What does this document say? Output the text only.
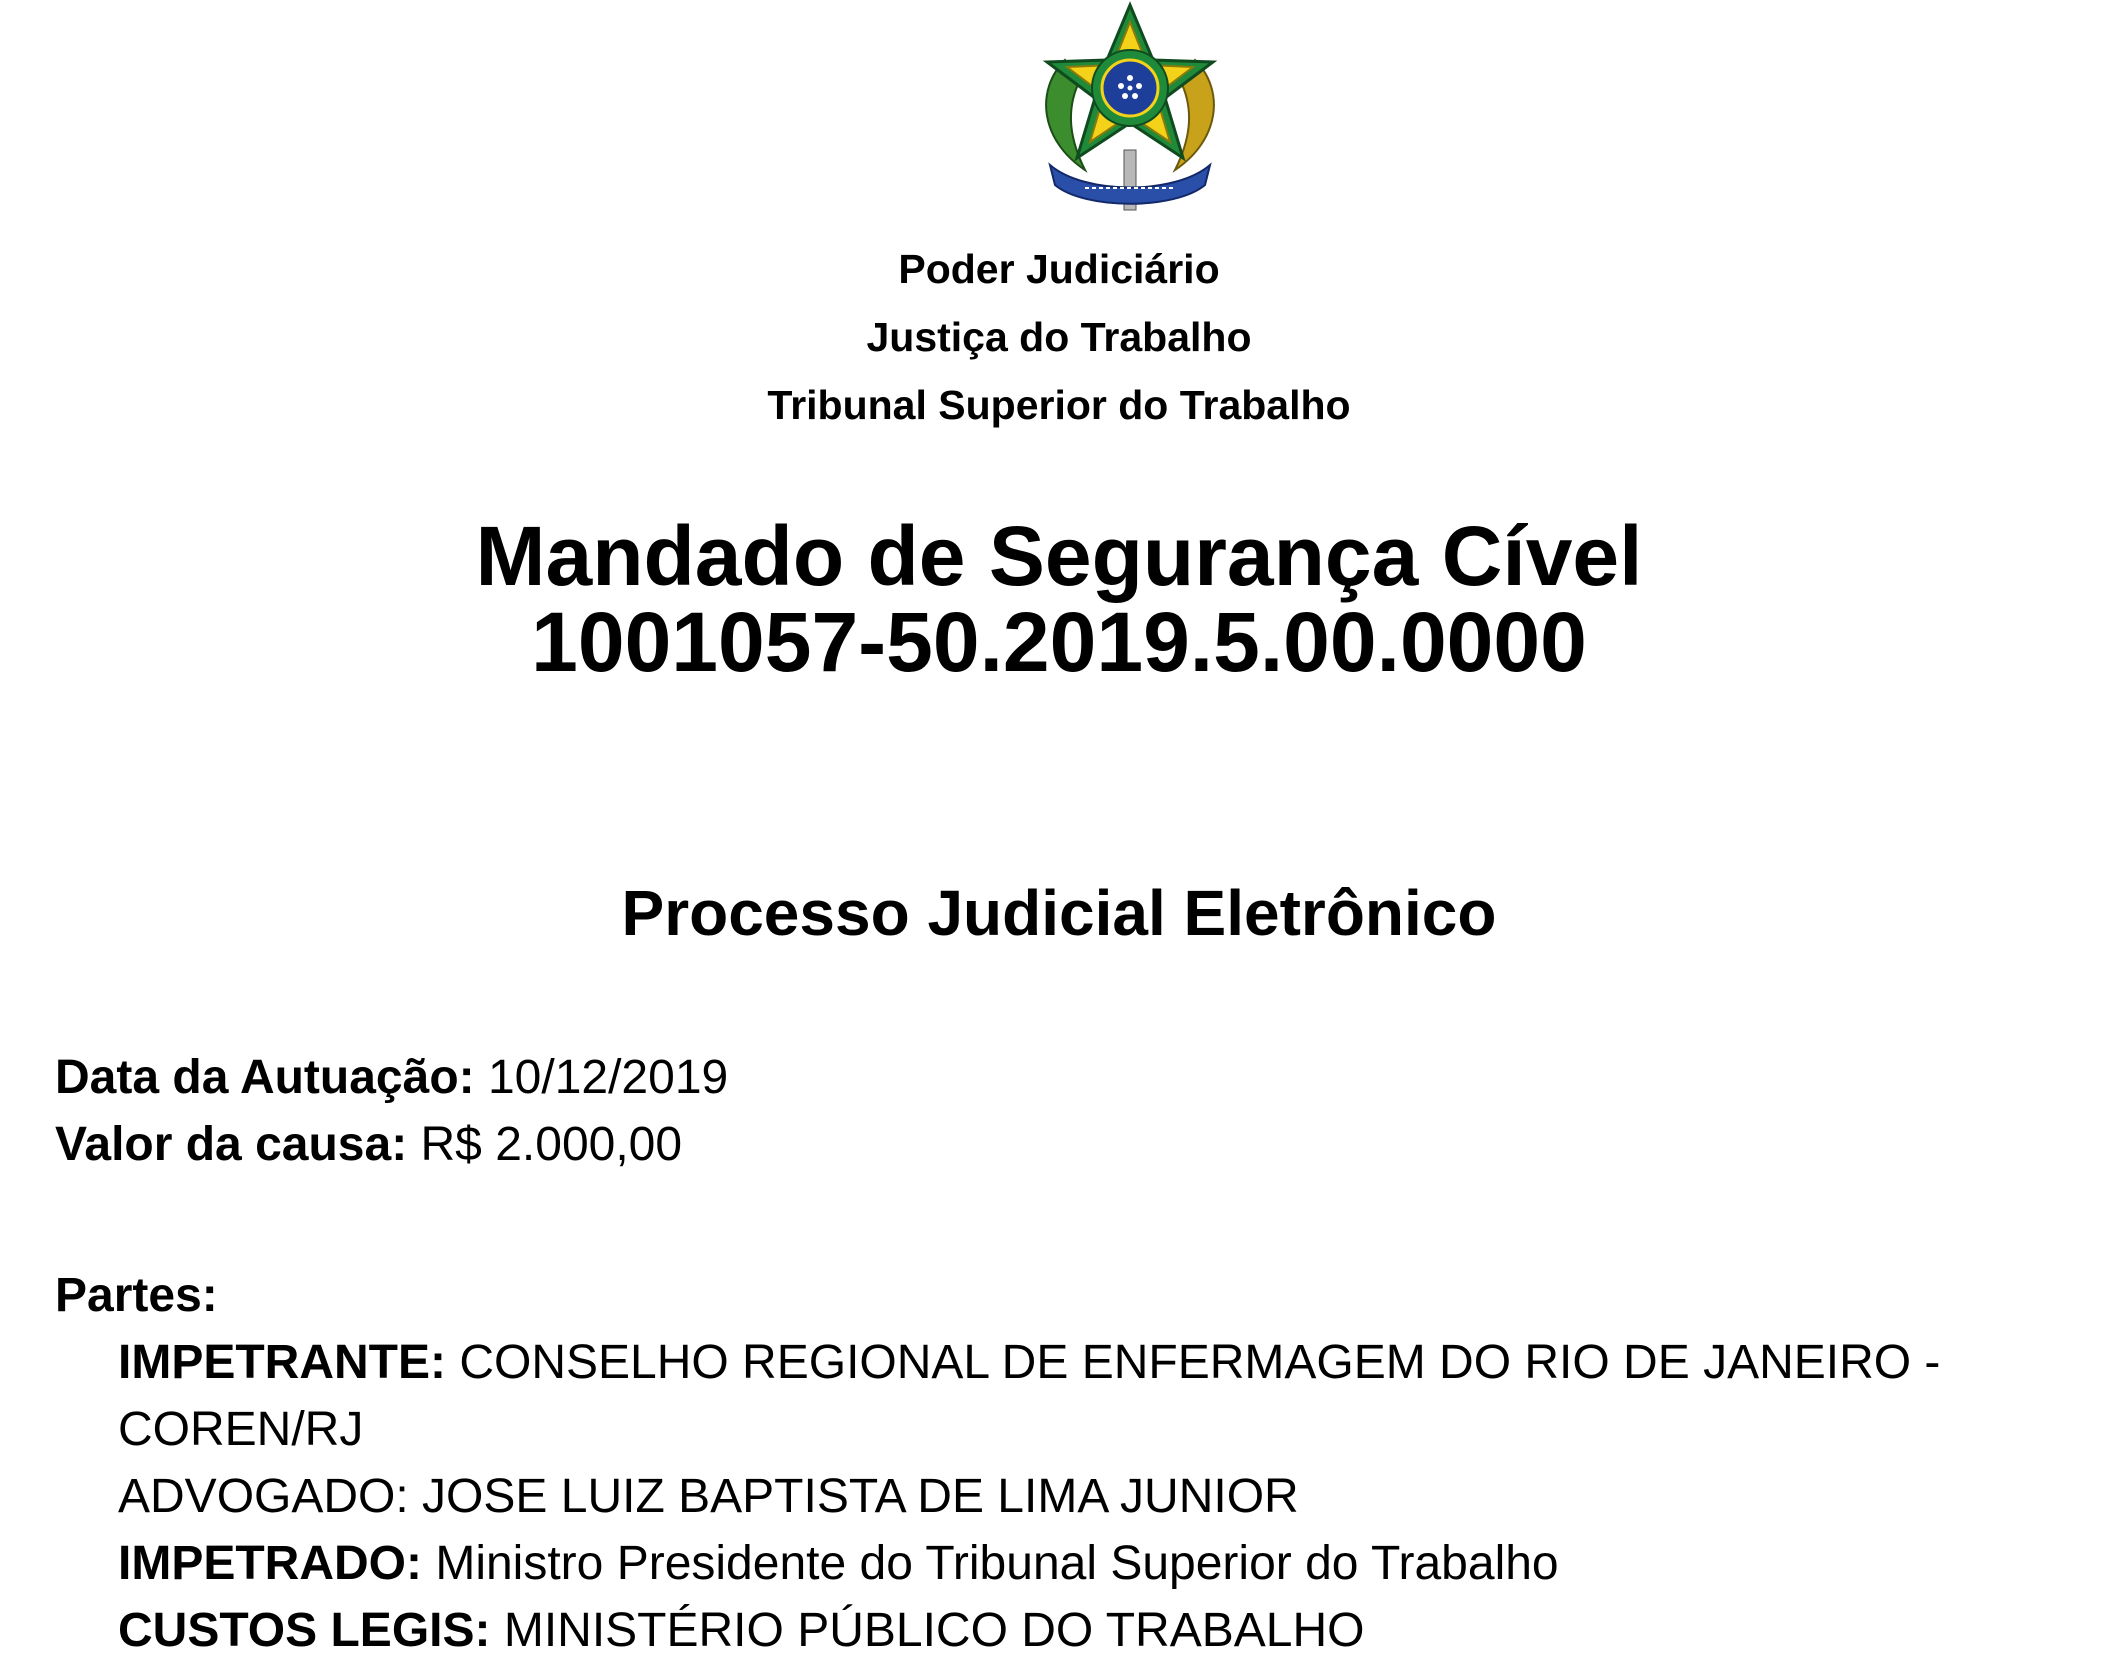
Poder Judiciário
Justiça do Trabalho
Tribunal Superior do Trabalho
Mandado de Segurança Cível
1001057-50.2019.5.00.0000
Processo Judicial Eletrônico
Data da Autuação: 10/12/2019
Valor da causa: R$ 2.000,00
Partes:
IMPETRANTE: CONSELHO REGIONAL DE ENFERMAGEM DO RIO DE JANEIRO -
COREN/RJ
ADVOGADO: JOSE LUIZ BAPTISTA DE LIMA JUNIOR
IMPETRADO: Ministro Presidente do Tribunal Superior do Trabalho
CUSTOS LEGIS: MINISTÉRIO PÚBLICO DO TRABALHO
